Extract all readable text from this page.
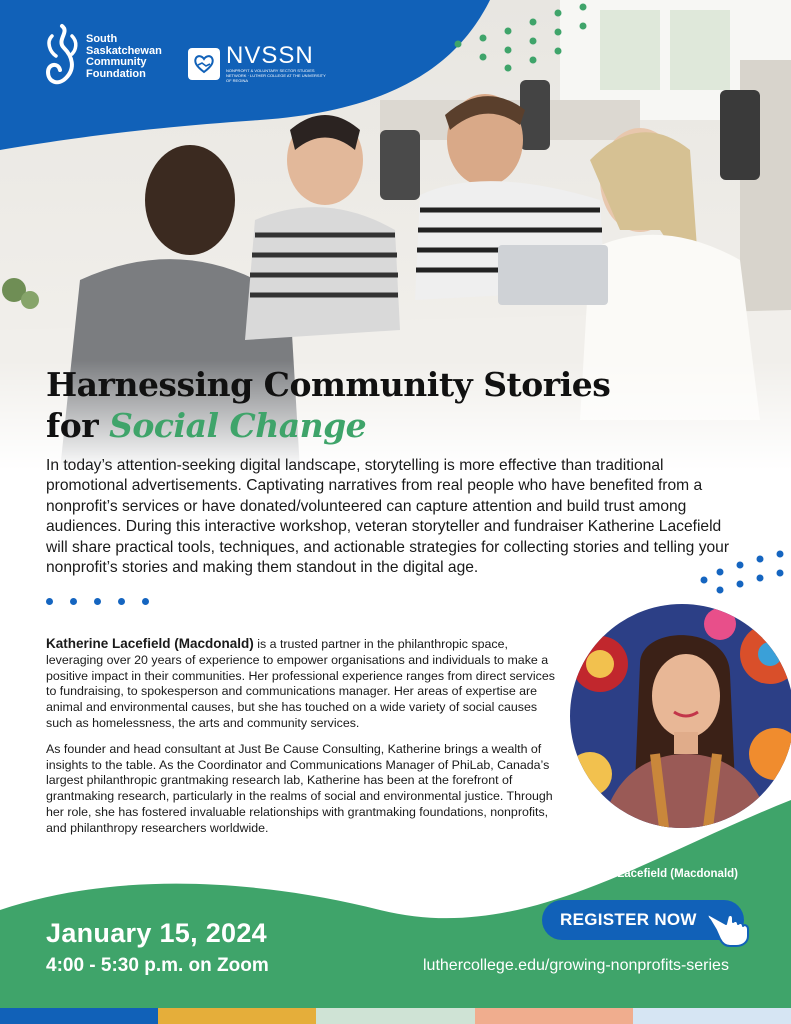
South
Saskatchewan
Community
Foundation
NVSSN
NONPROFIT & VOLUNTARY SECTOR STUDIES NETWORK · LUTHER COLLEGE AT THE UNIVERSITY OF REGINA
Harnessing Community Stories
for Social Change
In today’s attention-seeking digital landscape, storytelling is more effective than traditional promotional advertisements. Captivating narratives from real people who have benefited from a nonprofit’s services or have donated/volunteered can capture attention and build trust among audiences. During this interactive workshop, veteran storyteller and fundraiser Katherine Lacefield will share practical tools, techniques, and actionable strategies for collecting stories and telling your nonprofit’s stories and making them standout in the digital age.

Katherine Lacefield (Macdonald) is a trusted partner in the philanthropic space, leveraging over 20 years of experience to empower organisations and individuals to make a positive impact in their communities. Her professional experience ranges from direct services to fundraising, to spokesperson and communications manager. Her areas of expertise are animal and environmental causes, but she has touched on a wide variety of social causes such as homelessness, the arts and community services.

As founder and head consultant at Just Be Cause Consulting, Katherine brings a wealth of insights to the table. As the Coordinator and Communications Manager of PhiLab, Canada’s largest philanthropic grantmaking research lab, Katherine has been at the forefront of grantmaking research, particularly in the realms of social and environmental justice. Through her role, she has fostered invaluable relationships with grantmaking foundations, nonprofits, and philanthropy researchers worldwide.

Katherine Lacefield (Macdonald)
January 15, 2024
4:00 - 5:30 p.m. on Zoom
REGISTER NOW
luthercollege.edu/growing-nonprofits-series
